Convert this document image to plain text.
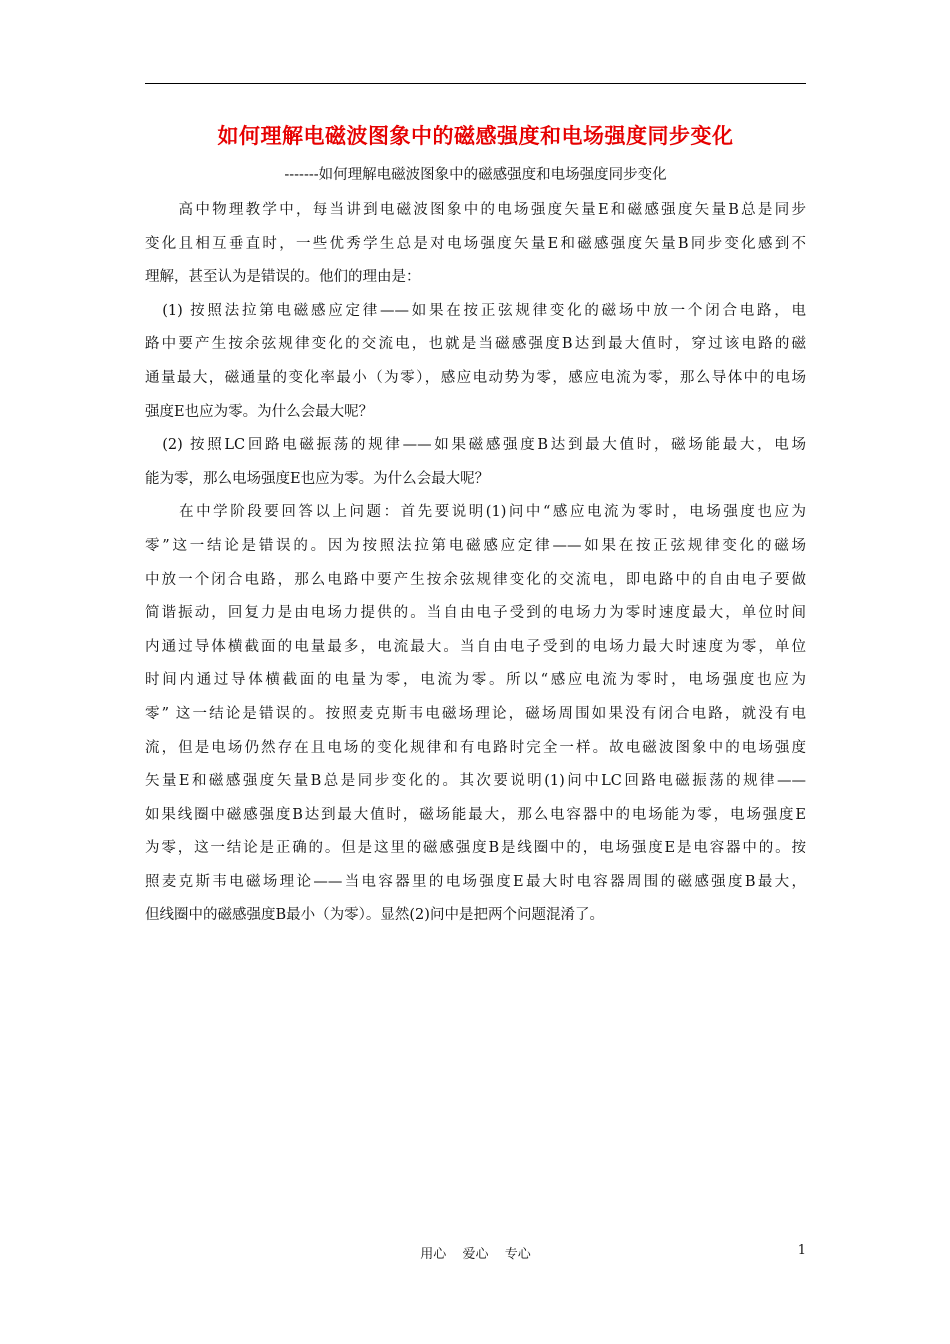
如何理解电磁波图象中的磁感强度和电场强度同步变化
-------如何理解电磁波图象中的磁感强度和电场强度同步变化
　　高中物理教学中，每当讲到电磁波图象中的电场强度矢量E和磁感强度矢量B总是同步
变化且相互垂直时，一些优秀学生总是对电场强度矢量E和磁感强度矢量B同步变化感到不
理解，甚至认为是错误的。他们的理由是：
　(1) 按照法拉第电磁感应定律——如果在按正弦规律变化的磁场中放一个闭合电路，电
路中要产生按余弦规律变化的交流电，也就是当磁感强度B达到最大值时，穿过该电路的磁
通量最大，磁通量的变化率最小（为零），感应电动势为零，感应电流为零，那么导体中的电场
强度E也应为零。为什么会最大呢？
　(2) 按照LC回路电磁振荡的规律——如果磁感强度B达到最大值时，磁场能最大，电场
能为零，那么电场强度E也应为零。为什么会最大呢？
　　在中学阶段要回答以上问题：首先要说明(1)问中“感应电流为零时，电场强度也应为
零”这一结论是错误的。因为按照法拉第电磁感应定律——如果在按正弦规律变化的磁场
中放一个闭合电路，那么电路中要产生按余弦规律变化的交流电，即电路中的自由电子要做
简谐振动，回复力是由电场力提供的。当自由电子受到的电场力为零时速度最大，单位时间
内通过导体横截面的电量最多，电流最大。当自由电子受到的电场力最大时速度为零，单位
时间内通过导体横截面的电量为零，电流为零。所以“感应电流为零时，电场强度也应为
零” 这一结论是错误的。按照麦克斯韦电磁场理论，磁场周围如果没有闭合电路，就没有电
流，但是电场仍然存在且电场的变化规律和有电路时完全一样。故电磁波图象中的电场强度
矢量E和磁感强度矢量B总是同步变化的。其次要说明(1)问中LC回路电磁振荡的规律——
如果线圈中磁感强度B达到最大值时，磁场能最大，那么电容器中的电场能为零，电场强度E
为零，这一结论是正确的。但是这里的磁感强度B是线圈中的，电场强度E是电容器中的。按
照麦克斯韦电磁场理论——当电容器里的电场强度E最大时电容器周围的磁感强度B最大，
但线圈中的磁感强度B最小（为零）。显然(2)问中是把两个问题混淆了。
用心  爱心  专心	1
